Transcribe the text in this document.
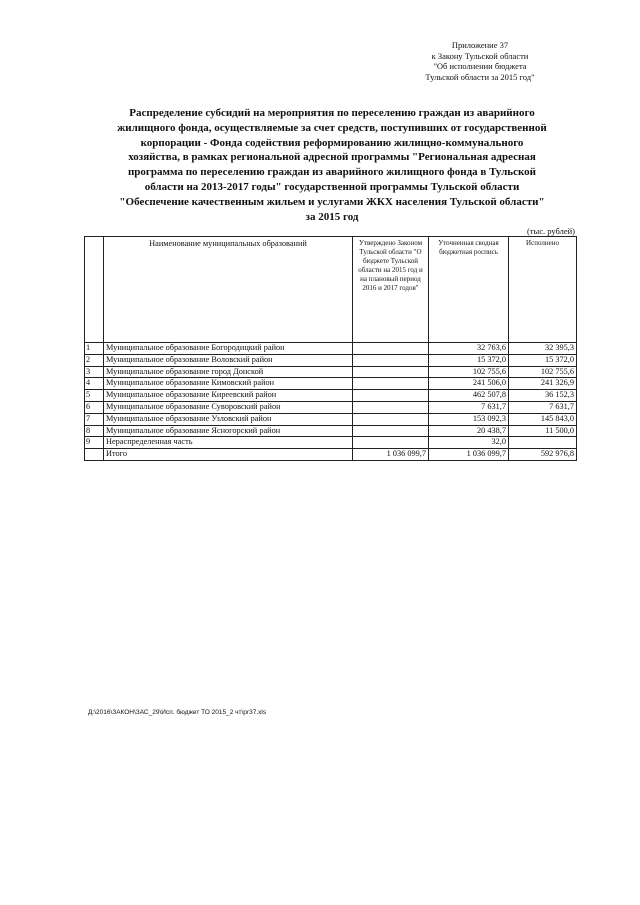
Приложение 37
к Закону Тульской области
"Об исполнении бюджета
Тульской области за 2015 год"
Распределение субсидий на мероприятия по переселению граждан из аварийного
жилищного фонда, осуществляемые за счет средств, поступивших от государственной
корпорации - Фонда содействия реформированию жилищно-коммунального
хозяйства, в рамках региональной адресной программы "Региональная адресная
программа по переселению граждан из аварийного жилищного фонда в Тульской
области на 2013-2017 годы" государственной программы Тульской области
"Обеспечение качественным жильем и услугами ЖКХ населения Тульской области"
за 2015 год
(тыс. рублей)
	Наименование муниципальных образований	Утверждено Законом Тульской области "О бюджете Тульской области на 2015 год и на плановый период 2016 и 2017 годов"	Уточненная сводная бюджетная роспись	Исполнено
1	Муниципальное образование Богородицкий район		32 763,6	32 395,3
2	Муниципальное образование Воловский район		15 372,0	15 372,0
3	Муниципальное образование город Донской		102 755,6	102 755,6
4	Муниципальное образование Кимовский район		241 506,0	241 326,9
5	Муниципальное образование Киреевский район		462 507,8	36 152,3
6	Муниципальное образование Суворовский район		7 631,7	7 631,7
7	Муниципальное образование Узловский район		153 092,3	145 843,0
8	Муниципальное образование Ясногорский район		20 438,7	11 500,0
9	Нераспределенная часть		32,0	
	Итого	1 036 099,7	1 036 099,7	592 976,8
Д:\2016\ЗАКОН\ЗАС_29\Исп. бюджет ТО 2015_2 чт\pr37.xls
